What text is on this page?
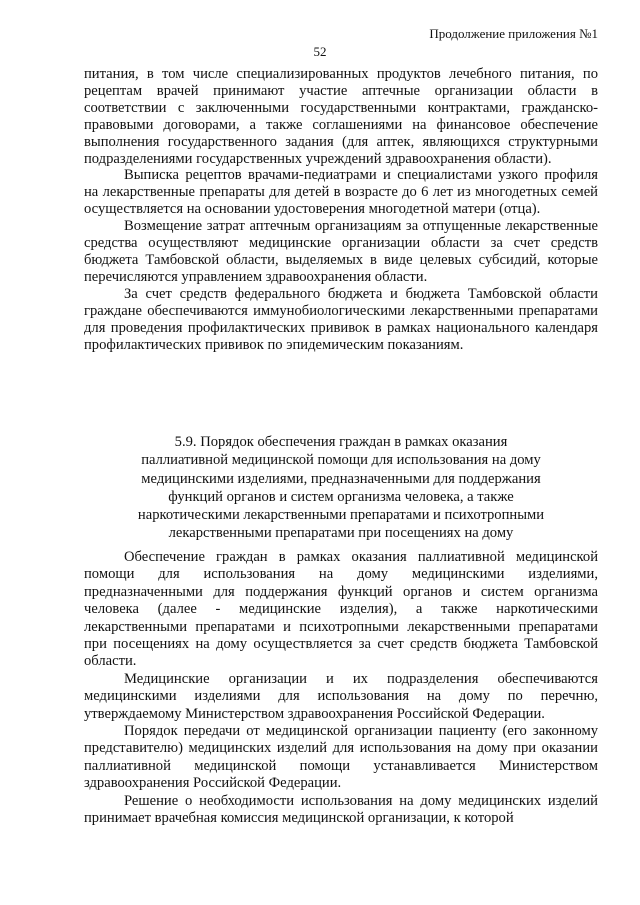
Продолжение приложения №1
52

питания, в том числе специализированных продуктов лечебного питания, по рецептам врачей принимают участие аптечные организации области в соответствии с заключенными государственными контрактами, гражданско-правовыми договорами, а также соглашениями на финансовое обеспечение выполнения государственного задания (для аптек, являющихся структурными подразделениями государственных учреждений здравоохранения области).

Выписка рецептов врачами-педиатрами и специалистами узкого профиля на лекарственные препараты для детей в возрасте до 6 лет из многодетных семей осуществляется на основании удостоверения многодетной матери (отца).

Возмещение затрат аптечным организациям за отпущенные лекарственные средства осуществляют медицинские организации области за счет средств бюджета Тамбовской области, выделяемых в виде целевых субсидий, которые перечисляются управлением здравоохранения области.

За счет средств федерального бюджета и бюджета Тамбовской области граждане обеспечиваются иммунобиологическими лекарственными препаратами для проведения профилактических прививок в рамках национального календаря профилактических прививок по эпидемическим показаниям.

5.9. Порядок обеспечения граждан в рамках оказания
паллиативной медицинской помощи для использования на дому
медицинскими изделиями, предназначенными для поддержания
функций органов и систем организма человека, а также
наркотическими лекарственными препаратами и психотропными
лекарственными препаратами при посещениях на дому

Обеспечение граждан в рамках оказания паллиативной медицинской помощи для использования на дому медицинскими изделиями, предназначенными для поддержания функций органов и систем организма человека (далее - медицинские изделия), а также наркотическими лекарственными препаратами и психотропными лекарственными препаратами при посещениях на дому осуществляется за счет средств бюджета Тамбовской области.

Медицинские организации и их подразделения обеспечиваются медицинскими изделиями для использования на дому по перечню, утверждаемому Министерством здравоохранения Российской Федерации.

Порядок передачи от медицинской организации пациенту (его законному представителю) медицинских изделий для использования на дому при оказании паллиативной медицинской помощи устанавливается Министерством здравоохранения Российской Федерации.

Решение о необходимости использования на дому медицинских изделий принимает врачебная комиссия медицинской организации, к которой
